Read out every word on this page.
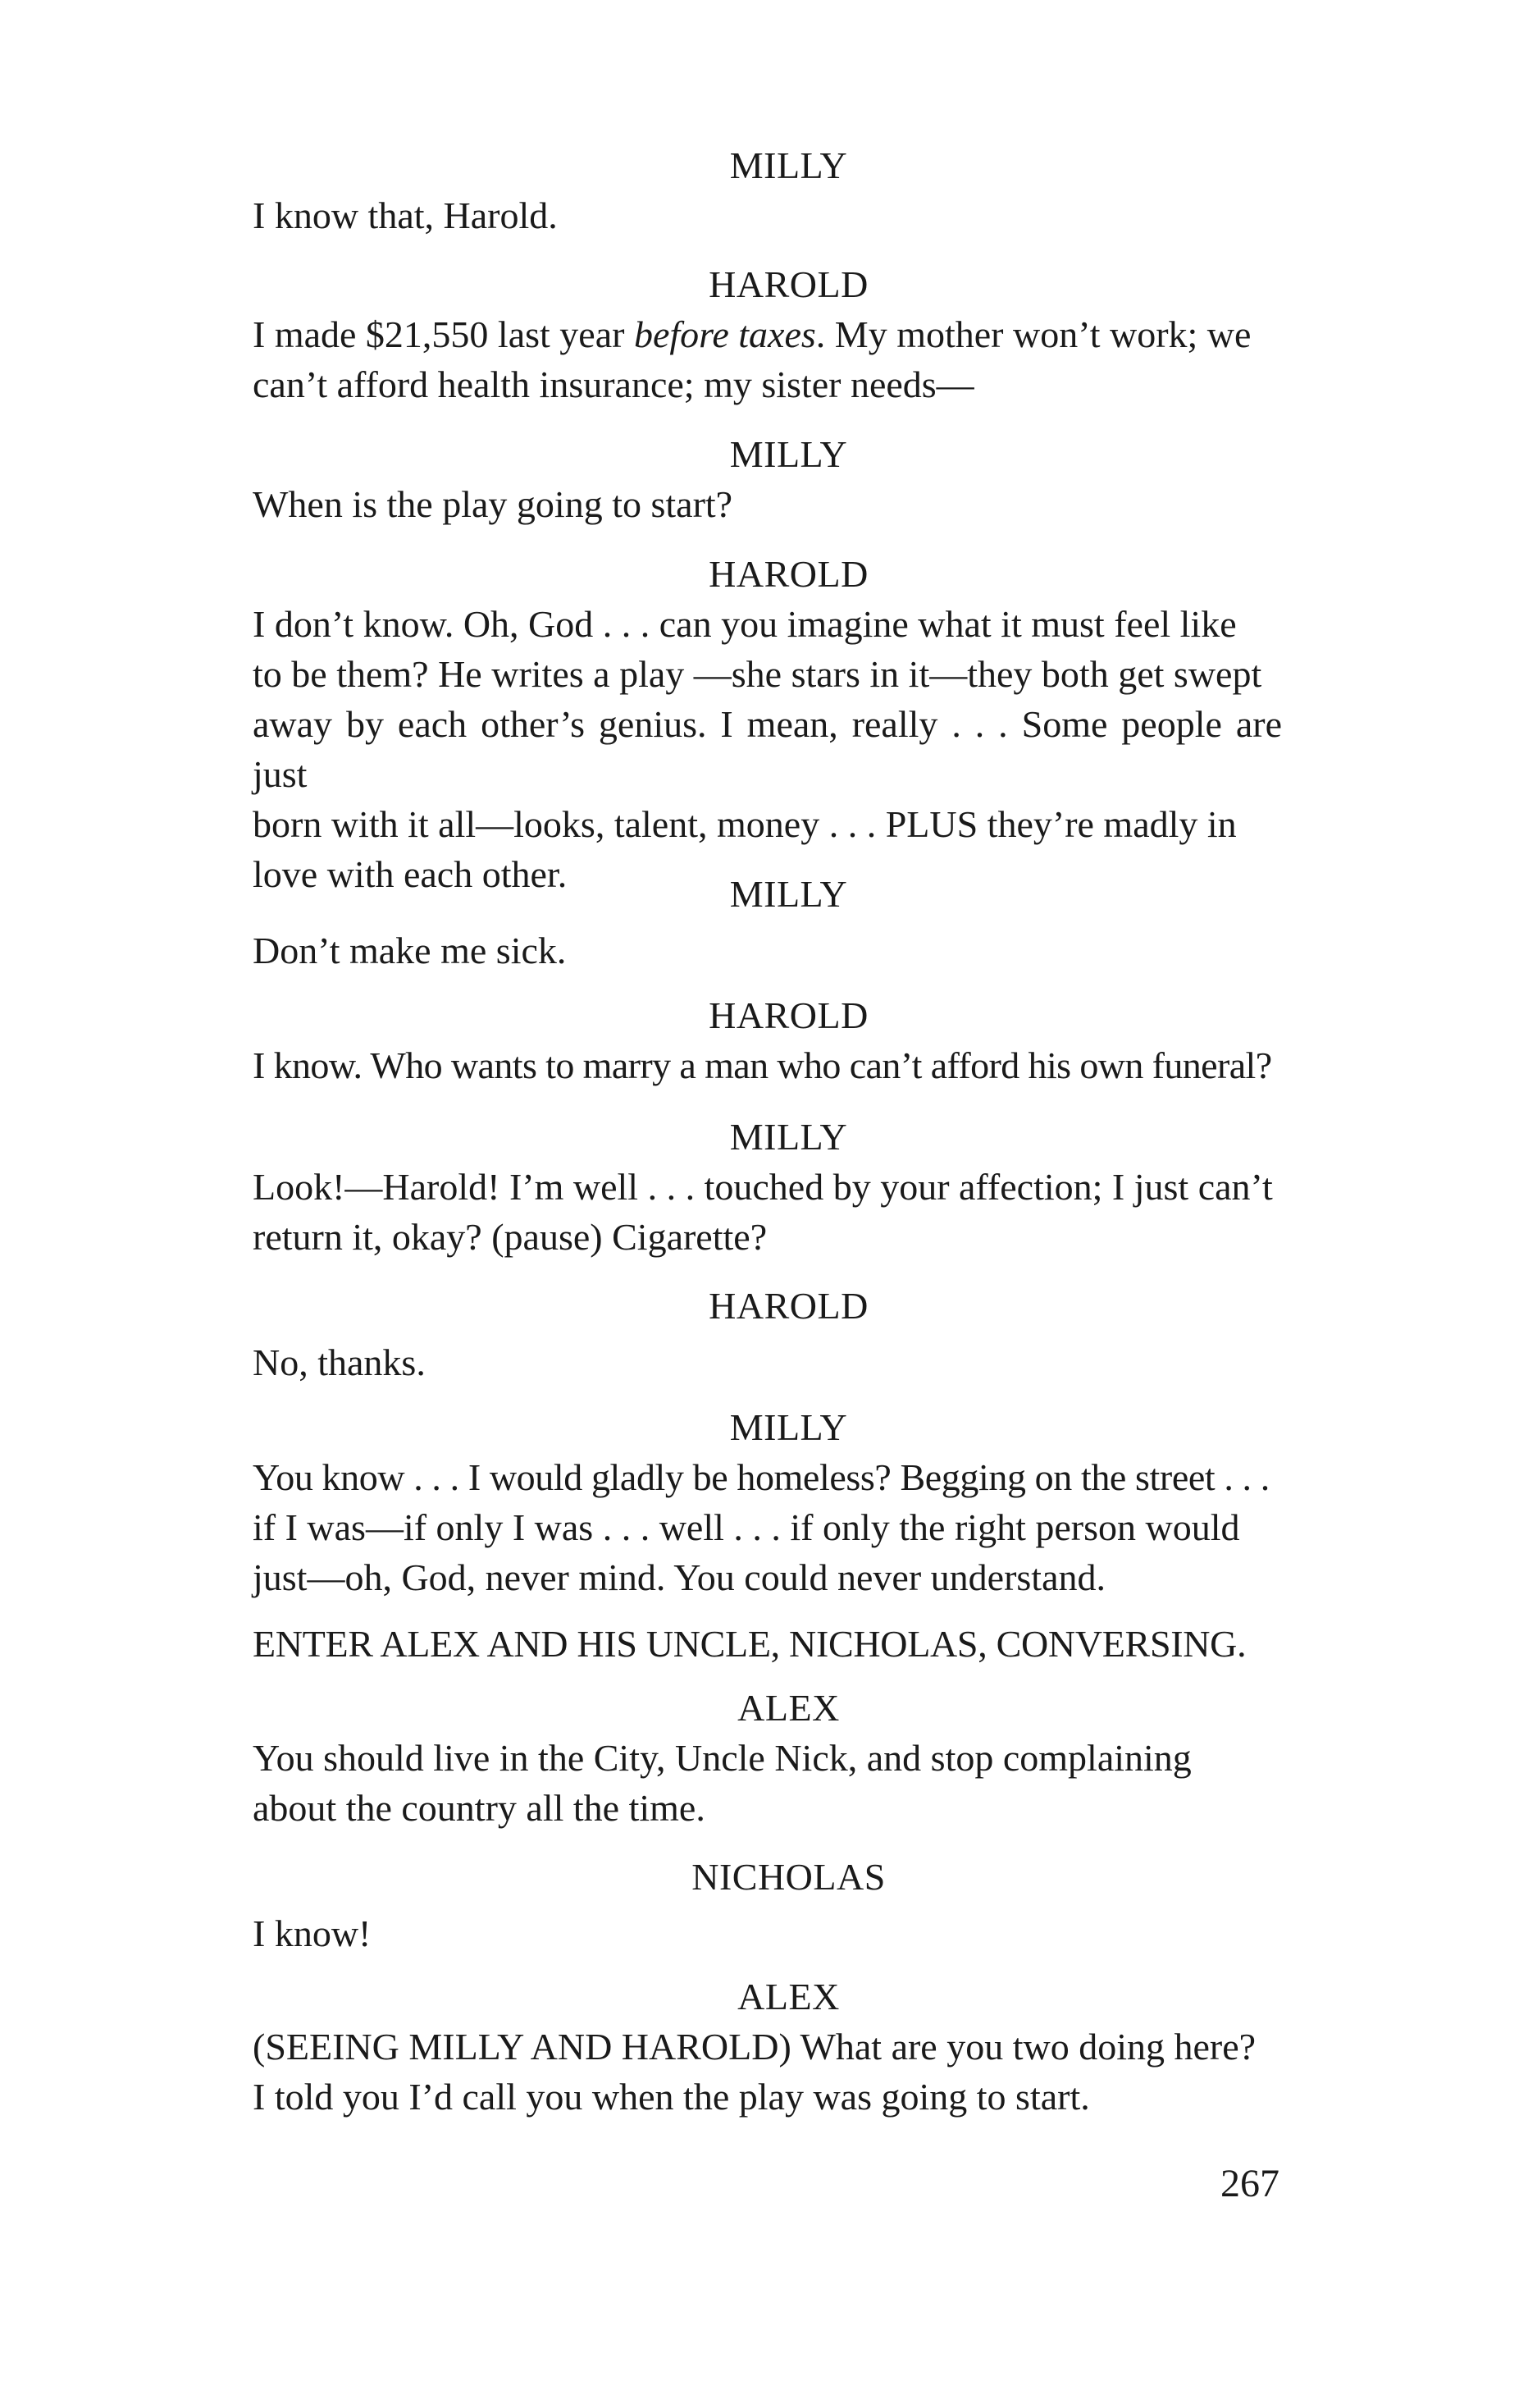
MILLY

I know that, Harold.

HAROLD

I made $21,550 last year before taxes. My mother won’t work; we

can’t afford health insurance; my sister needs—

MILLY

When is the play going to start?

HAROLD

I don’t know. Oh, God . . . can you imagine what it must feel like

to be them? He writes a play —she stars in it—they both get swept

away by each other’s genius. I mean, really . . . Some people are just

born with it all—looks, talent, money . . . PLUS they’re madly in

love with each other.	MILLY

Don’t make me sick.

HAROLD

I know. Who wants to marry a man who can’t afford his own funeral?

MILLY

Look!—Harold! I’m well . . . touched by your affection; I just can’t

return it, okay? (pause) Cigarette?

HAROLD

No, thanks.

MILLY

You know . . . I would gladly be homeless? Begging on the street . . .

if I was—if only I was . . . well . . . if only the right person would

just—oh, God, never mind. You could never understand.

ENTER ALEX AND HIS UNCLE, NICHOLAS, CONVERSING.

ALEX

You should live in the City, Uncle Nick, and stop complaining

about the country all the time.

NICHOLAS

I know!

ALEX

(SEEING MILLY AND HAROLD) What are you two doing here?

I told you I’d call you when the play was going to start.

267
